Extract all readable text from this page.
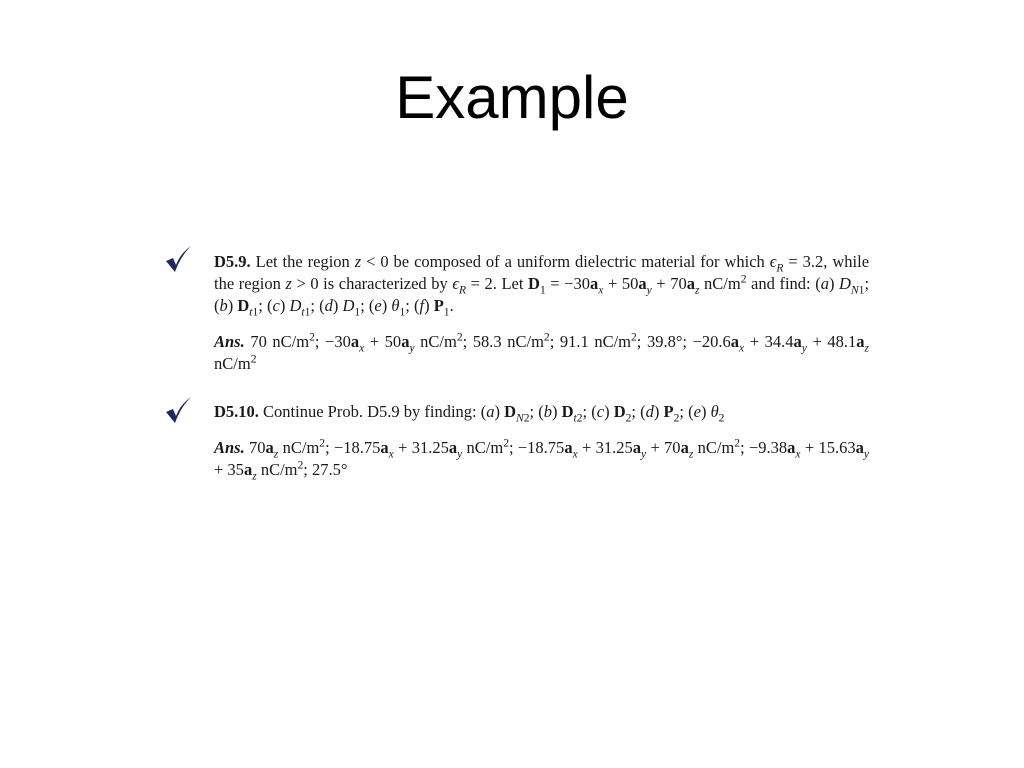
Example

D5.9. Let the region z < 0 be composed of a uniform dielectric material for which $\epsilon_R = 3.2$, while the region z > 0 is characterized by $\epsilon_R = 2$. Let $D_1 = -30a_x + 50a_y + 70a_z$ $nC/m^2$ and find: (a) $D_{N1}$; (b) $D_{t1}$; (c) $D_{t1}$; (d) $D_1$; (e) $\theta_1$; (f) $P_1$.

Ans. 70 $nC/m^2$; $-30a_x + 50a_y$ $nC/m^2$; 58.3 $nC/m^2$; 91.1 $nC/m^2$; 39.8°; $-20.6a_x + 34.4a_y + 48.1a_z$ $nC/m^2$

D5.10. Continue Prob. D5.9 by finding: (a) $D_{N2}$; (b) $D_{t2}$; (c) $D_2$; (d) $P_2$; (e) $\theta_2$

Ans. $70a_z$ $nC/m^2$; $-18.75a_x + 31.25a_y$ $nC/m^2$; $-18.75a_x + 31.25a_y + 70a_z$ $nC/m^2$; $-9.38a_x + 15.63a_y + 35a_z$ $nC/m^2$; 27.5°
